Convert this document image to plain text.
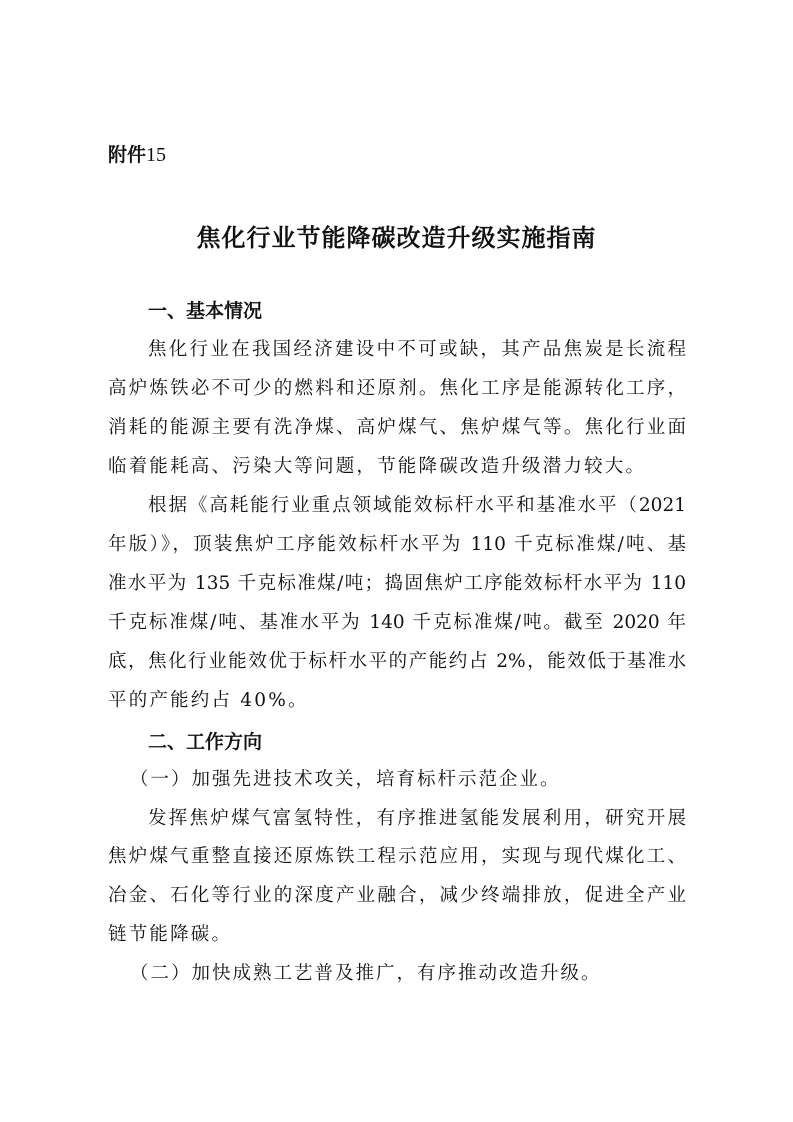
附件15
焦化行业节能降碳改造升级实施指南
一、基本情况
焦化行业在我国经济建设中不可或缺，其产品焦炭是长流程
高炉炼铁必不可少的燃料和还原剂。焦化工序是能源转化工序，
消耗的能源主要有洗净煤、高炉煤气、焦炉煤气等。焦化行业面
临着能耗高、污染大等问题，节能降碳改造升级潜力较大。
根据《高耗能行业重点领域能效标杆水平和基准水平（2021
年版）》，顶装焦炉工序能效标杆水平为 110 千克标准煤/吨、基
准水平为 135 千克标准煤/吨；捣固焦炉工序能效标杆水平为 110
千克标准煤/吨、基准水平为 140 千克标准煤/吨。截至 2020 年
底，焦化行业能效优于标杆水平的产能约占 2%，能效低于基准水
平的产能约占 40%。
二、工作方向
（一）加强先进技术攻关，培育标杆示范企业。
发挥焦炉煤气富氢特性，有序推进氢能发展利用，研究开展
焦炉煤气重整直接还原炼铁工程示范应用，实现与现代煤化工、
冶金、石化等行业的深度产业融合，减少终端排放，促进全产业
链节能降碳。
（二）加快成熟工艺普及推广，有序推动改造升级。
